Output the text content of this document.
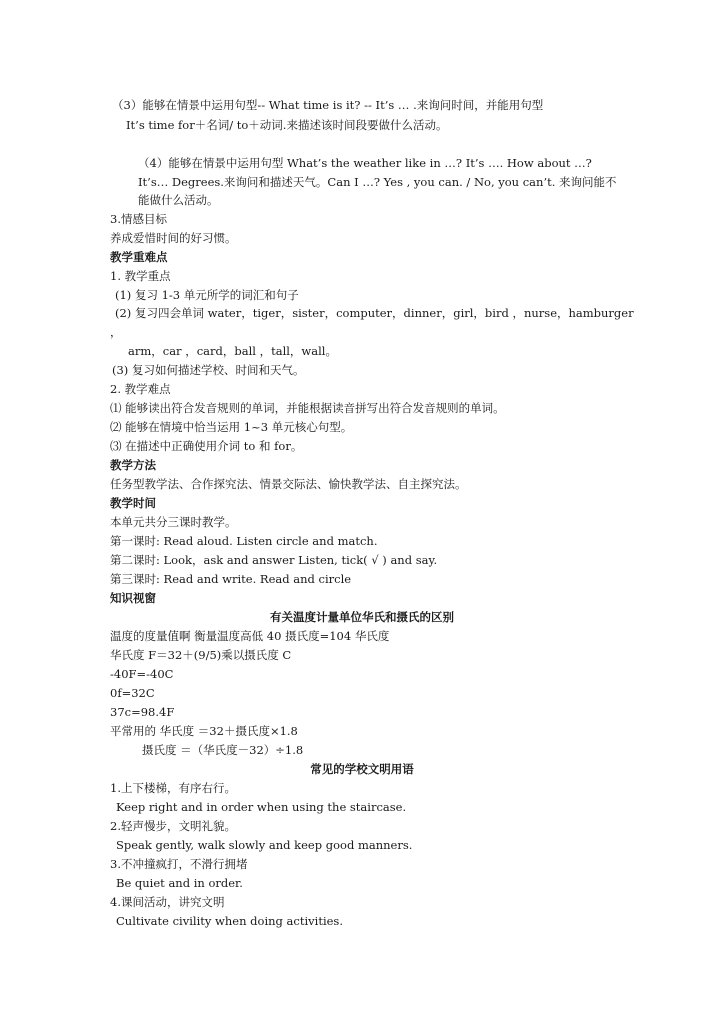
（3）能够在情景中运用句型-- What time is it? -- It’s … .来询问时间，并能用句型
It’s time for＋名词/ to＋动词.来描述该时间段要做什么活动。
（4）能够在情景中运用句型 What’s the weather like in …? It’s …. How about …?
It’s… Degrees.来询问和描述天气。Can I …? Yes , you can. / No, you can’t. 来询问能不
能做什么活动。
3.情感目标
养成爱惜时间的好习惯。
教学重难点
1. 教学重点
(1) 复习 1-3 单元所学的词汇和句子
(2) 复习四会单词 water，tiger，sister，computer，dinner，girl，bird ，nurse，hamburger
，
arm，car ，card，ball ，tall，wall。
(3) 复习如何描述学校、时间和天气。
2. 教学难点
⑴ 能够读出符合发音规则的单词，并能根据读音拼写出符合发音规则的单词。
⑵ 能够在情境中恰当运用 1~3 单元核心句型。
⑶ 在描述中正确使用介词 to 和 for。
教学方法
任务型教学法、合作探究法、情景交际法、愉快教学法、自主探究法。
教学时间
本单元共分三课时教学。
第一课时: Read aloud. Listen circle and match.
第二课时: Look，ask and answer Listen, tick( √ ) and say.
第三课时: Read and write. Read and circle
知识视窗
有关温度计量单位华氏和摄氏的区别
温度的度量值啊 衡量温度高低 40 摄氏度=104 华氏度
华氏度 F＝32＋(9/5)乘以摄氏度 C
-40F=-40C
0f=32C
37c=98.4F
平常用的 华氏度 ＝32＋摄氏度×1.8
摄氏度 ＝（华氏度－32）÷1.8
常见的学校文明用语
1.上下楼梯，有序右行。
Keep right and in order when using the staircase.
2.轻声慢步，文明礼貌。
Speak gently, walk slowly and keep good manners.
3.不冲撞疯打，不滑行拥堵
Be quiet and in order.
4.课间活动，讲究文明
Cultivate civility when doing activities.
